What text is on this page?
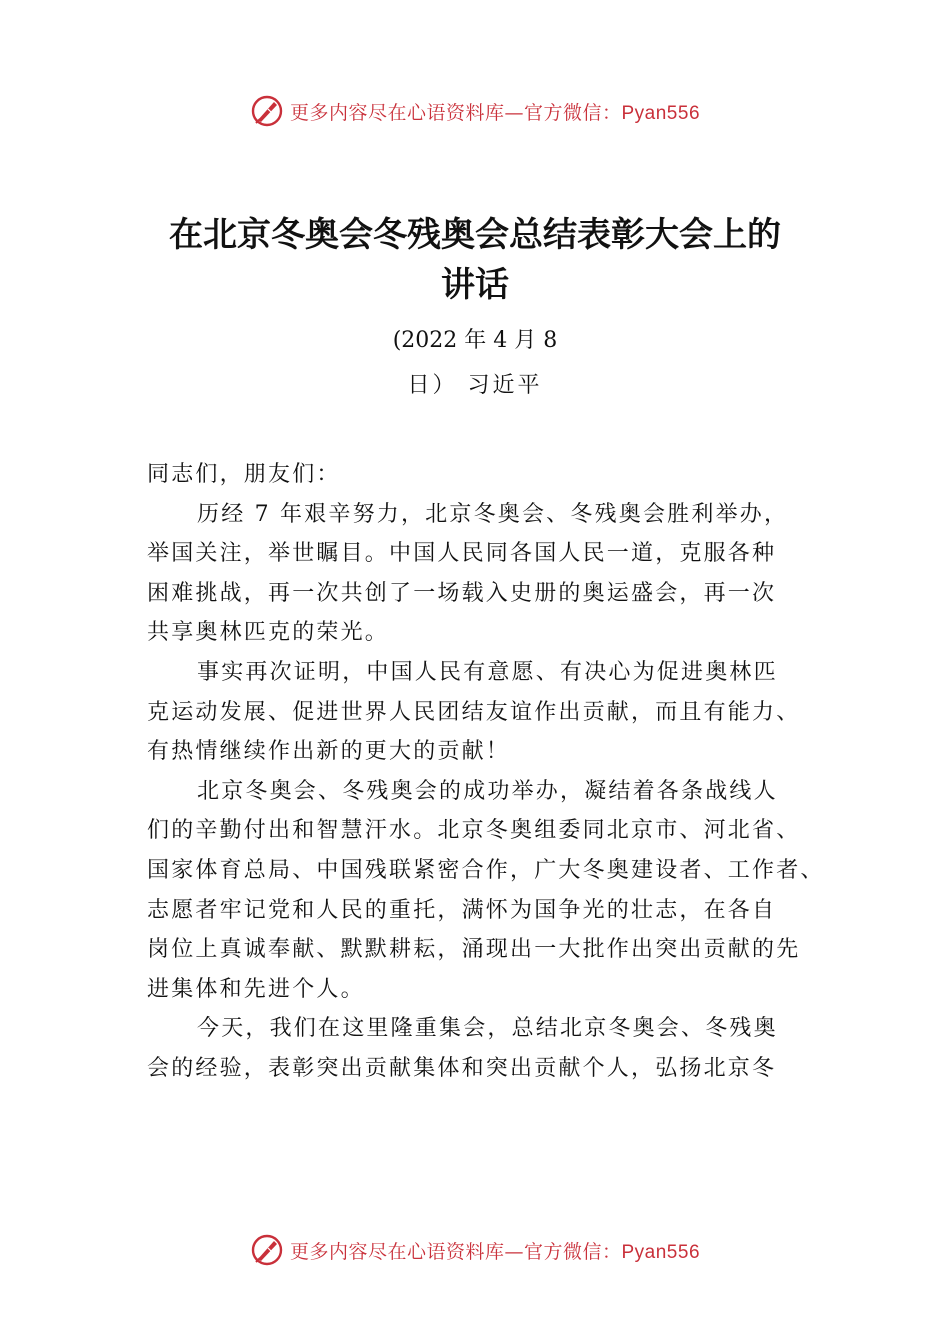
更多内容尽在心语资料库—官方微信：Pyan556
在北京冬奥会冬残奥会总结表彰大会上的
讲话
(2022 年 4 月 8
日） 习近平

同志们，朋友们：

历经 7 年艰辛努力，北京冬奥会、冬残奥会胜利举办，
举国关注，举世瞩目。中国人民同各国人民一道，克服各种
困难挑战，再一次共创了一场载入史册的奥运盛会，再一次
共享奥林匹克的荣光。

事实再次证明，中国人民有意愿、有决心为促进奥林匹
克运动发展、促进世界人民团结友谊作出贡献，而且有能力、
有热情继续作出新的更大的贡献！

北京冬奥会、冬残奥会的成功举办，凝结着各条战线人
们的辛勤付出和智慧汗水。北京冬奥组委同北京市、河北省、
国家体育总局、中国残联紧密合作，广大冬奥建设者、工作者、
志愿者牢记党和人民的重托，满怀为国争光的壮志，在各自
岗位上真诚奉献、默默耕耘，涌现出一大批作出突出贡献的先
进集体和先进个人。

今天，我们在这里隆重集会，总结北京冬奥会、冬残奥
会的经验，表彰突出贡献集体和突出贡献个人，弘扬北京冬

更多内容尽在心语资料库—官方微信：Pyan556
